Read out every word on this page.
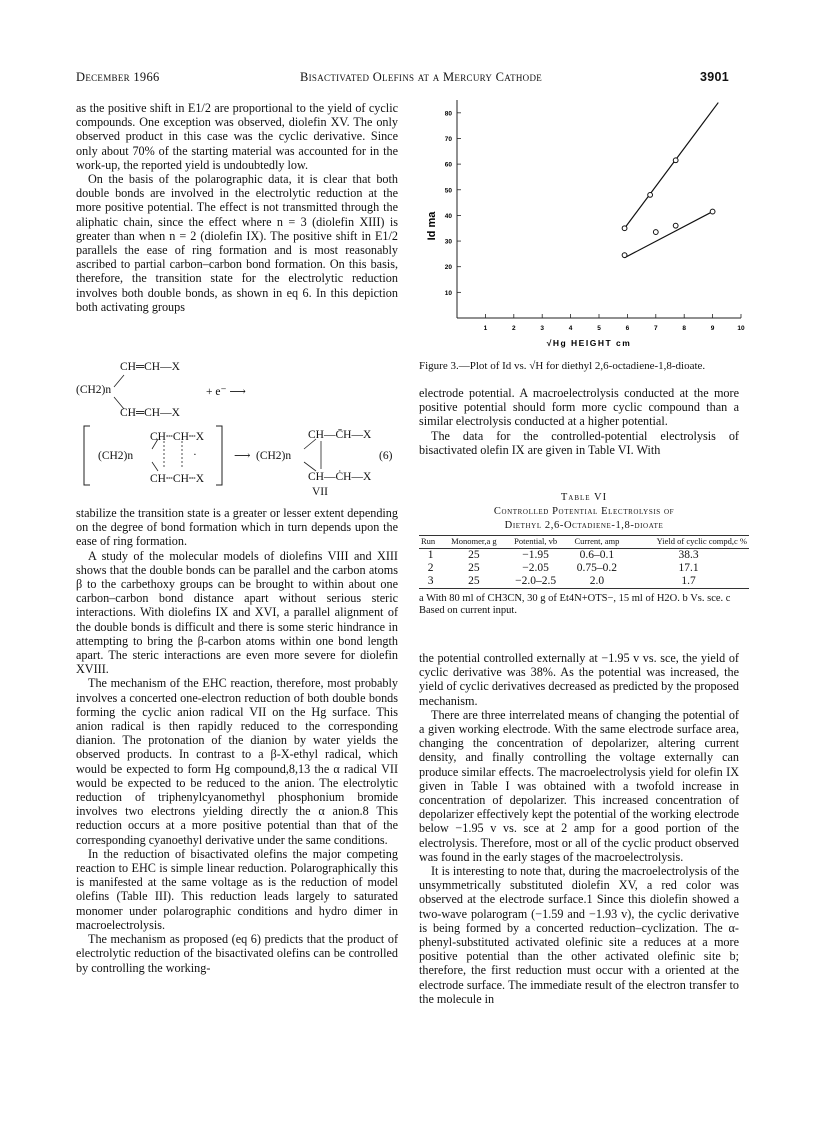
December 1966	Bisactivated Olefins at a Mercury Cathode	3901

as the positive shift in E1/2 are proportional to the yield of cyclic compounds. One exception was observed, diolefin XV. The only observed product in this case was the cyclic derivative. Since only about 70% of the starting material was accounted for in the work-up, the reported yield is undoubtedly low.

On the basis of the polarographic data, it is clear that both double bonds are involved in the electrolytic reduction at the more positive potential. The effect is not transmitted through the aliphatic chain, since the effect where n = 3 (diolefin XIII) is greater than when n = 2 (diolefin IX). The positive shift in E1/2 parallels the ease of ring formation and is most reasonably ascribed to partial carbon–carbon bond formation. On this basis, therefore, the transition state for the electrolytic reduction involves both double bonds, as shown in eq 6. In this depiction both activating groups

CH═CH—X
(CH2)n	+ e⁻ ⟶
CH═CH—X
CH┄CH┄X
(CH2)n	·
CH┄CH┄X
⟶
CH—C̄H—X
(CH2)n
CH—ĊH—X
(6)
VII

stabilize the transition state is a greater or lesser extent depending on the degree of bond formation which in turn depends upon the ease of ring formation.

A study of the molecular models of diolefins VIII and XIII shows that the double bonds can be parallel and the carbon atoms β to the carbethoxy groups can be brought to within about one carbon–carbon bond distance apart without serious steric interactions. With diolefins IX and XVI, a parallel alignment of the double bonds is difficult and there is some steric hindrance in attempting to bring the β-carbon atoms within one bond length apart. The steric interactions are even more severe for diolefin XVIII.

The mechanism of the EHC reaction, therefore, most probably involves a concerted one-electron reduction of both double bonds forming the cyclic anion radical VII on the Hg surface. This anion radical is then rapidly reduced to the corresponding dianion. The protonation of the dianion by water yields the observed products. In contrast to a β-X-ethyl radical, which would be expected to form Hg compound,8,13 the α radical VII would be expected to be reduced to the anion. The electrolytic reduction of triphenylcyanomethyl phosphonium bromide involves two electrons yielding directly the α anion.8 This reduction occurs at a more positive potential than that of the corresponding cyanoethyl derivative under the same conditions.

In the reduction of bisactivated olefins the major competing reaction to EHC is simple linear reduction. Polarographically this is manifested at the same voltage as is the reduction of model olefins (Table III). This reduction leads largely to saturated monomer under polarographic conditions and hydro dimer in macroelectrolysis.

The mechanism as proposed (eq 6) predicts that the product of electrolytic reduction of the bisactivated olefins can be controlled by controlling the working-

1	2	3	4	5	6	7	8	9	10
10
20
30
40
50
60
70
80
Id ma
√Hg HEIGHT cm
Figure 3.—Plot of Id vs. √H for diethyl 2,6-octadiene-1,8-dioate.

electrode potential. A macroelectrolysis conducted at the more positive potential should form more cyclic compound than a similar electrolysis conducted at a higher potential.

The data for the controlled-potential electrolysis of bisactivated olefin IX are given in Table VI. With

Table VI
Controlled Potential Electrolysis of
Diethyl 2,6-Octadiene-1,8-dioate
Run	Monomer,a g	Potential, vb	Current, amp	Yield of cyclic compd,c %
1	25	−1.95	0.6–0.1	38.3
2	25	−2.05	0.75–0.2	17.1
3	25	−2.0–2.5	2.0	1.7

a With 80 ml of CH3CN, 30 g of Et4N+OTS−, 15 ml of H2O. b Vs. sce. c Based on current input.

the potential controlled externally at −1.95 v vs. sce, the yield of cyclic derivative was 38%. As the potential was increased, the yield of cyclic derivatives decreased as predicted by the proposed mechanism.

There are three interrelated means of changing the potential of a given working electrode. With the same electrode surface area, changing the concentration of depolarizer, altering current density, and finally controlling the voltage externally can produce similar effects. The macroelectrolysis yield for olefin IX given in Table I was obtained with a twofold increase in concentration of depolarizer. This increased concentration of depolarizer effectively kept the potential of the working electrode below −1.95 v vs. sce at 2 amp for a good portion of the electrolysis. Therefore, most or all of the cyclic product observed was found in the early stages of the macroelectrolysis.

It is interesting to note that, during the macroelectrolysis of the unsymmetrically substituted diolefin XV, a red color was observed at the electrode surface.1 Since this diolefin showed a two-wave polarogram (−1.59 and −1.93 v), the cyclic derivative is being formed by a concerted reduction–cyclization. The α-phenyl-substituted activated olefinic site a reduces at a more positive potential than the other activated olefinic site b; therefore, the first reduction must occur with a oriented at the electrode surface. The immediate result of the electron transfer to the molecule in
